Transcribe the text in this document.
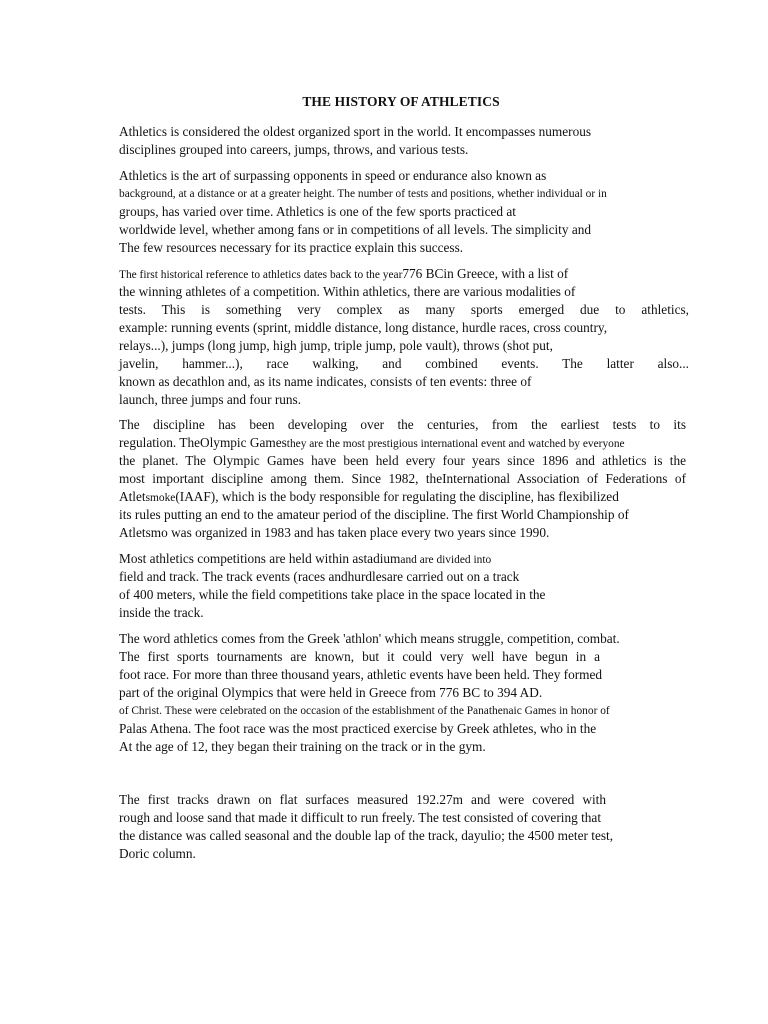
THE HISTORY OF ATHLETICS
Athletics is considered the oldest organized sport in the world. It encompasses numerous
disciplines grouped into careers, jumps, throws, and various tests.
Athletics is the art of surpassing opponents in speed or endurance also known as
background, at a distance or at a greater height. The number of tests and positions, whether individual or in
groups, has varied over time. Athletics is one of the few sports practiced at
worldwide level, whether among fans or in competitions of all levels. The simplicity and
The few resources necessary for its practice explain this success.
The first historical reference to athletics dates back to the year776 BCin Greece, with a list of
the winning athletes of a competition. Within athletics, there are various modalities of
tests. This is something very complex as many sports emerged due to athletics,
example: running events (sprint, middle distance, long distance, hurdle races, cross country,
relays...), jumps (long jump, high jump, triple jump, pole vault), throws (shot put,
javelin, hammer...), race walking, and combined events. The latter also...
known as decathlon and, as its name indicates, consists of ten events: three of
launch, three jumps and four runs.
The discipline has been developing over the centuries, from the earliest tests to its
regulation. TheOlympic Gamesthey are the most prestigious international event and watched by everyone
the planet. The Olympic Games have been held every four years since 1896 and athletics is the
most important discipline among them. Since 1982, theInternational Association of Federations of
Atletsmoke(IAAF), which is the body responsible for regulating the discipline, has flexibilized
its rules putting an end to the amateur period of the discipline. The first World Championship of
Atletsmo was organized in 1983 and has taken place every two years since 1990.
Most athletics competitions are held within astadiumand are divided into
field and track. The track events (races andhurdlesare carried out on a track
of 400 meters, while the field competitions take place in the space located in the
inside the track.
The word athletics comes from the Greek 'athlon' which means struggle, competition, combat.
The first sports tournaments are known, but it could very well have begun in a
foot race. For more than three thousand years, athletic events have been held. They formed
part of the original Olympics that were held in Greece from 776 BC to 394 AD.
of Christ. These were celebrated on the occasion of the establishment of the Panathenaic Games in honor of
Palas Athena. The foot race was the most practiced exercise by Greek athletes, who in the
At the age of 12, they began their training on the track or in the gym.
The first tracks drawn on flat surfaces measured 192.27m and were covered with
rough and loose sand that made it difficult to run freely. The test consisted of covering that
the distance was called seasonal and the double lap of the track, dayulio; the 4500 meter test,
Doric column.
